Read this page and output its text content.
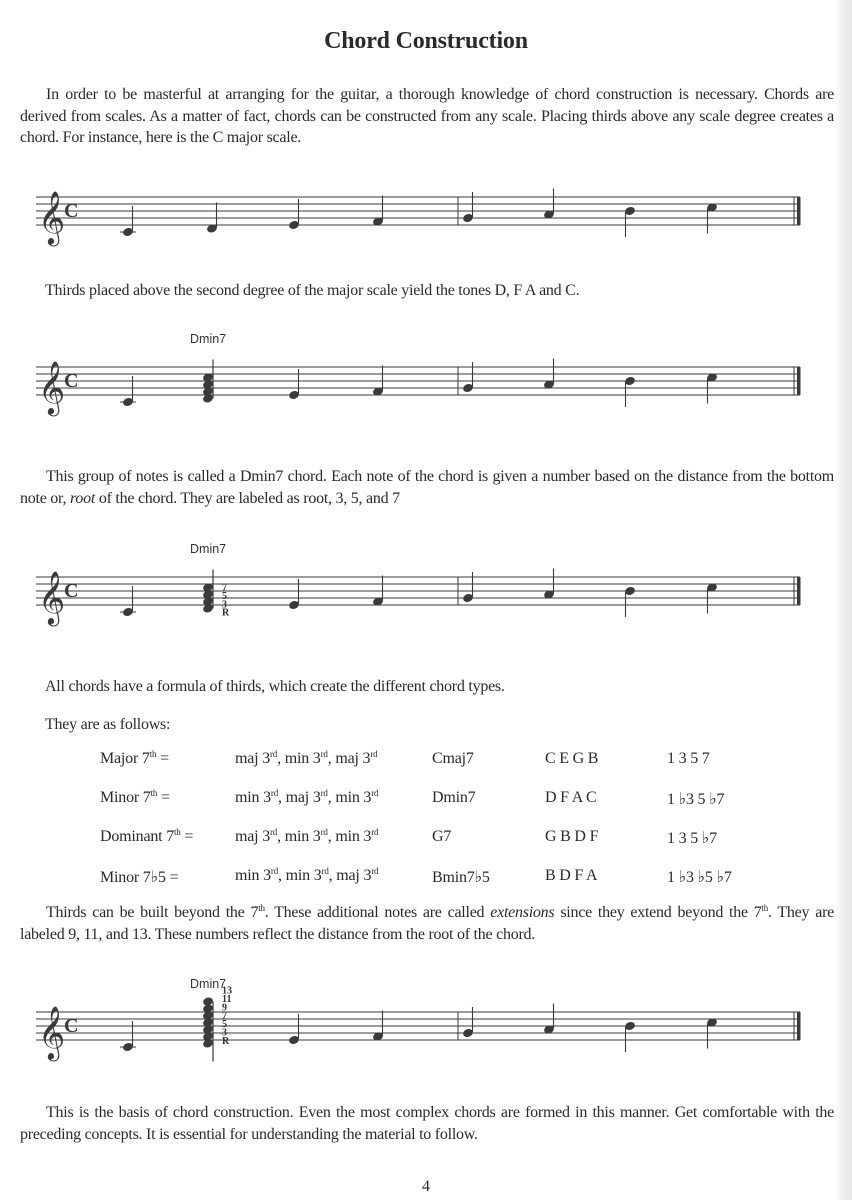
Chord Construction
In order to be masterful at arranging for the guitar, a thorough knowledge of chord construction is necessary. Chords are derived from scales. As a matter of fact, chords can be constructed from any scale. Placing thirds above any scale degree creates a chord. For instance, here is the C major scale.
𝄞
C
Thirds placed above the second degree of the major scale yield the tones D, F A and C.
𝄞
C
Dmin7
This group of notes is called a Dmin7 chord. Each note of the chord is given a number based on the distance from the bottom note or, root of the chord. They are labeled as root, 3, 5, and 7
𝄞
C
Dmin7
7
5
3
R
All chords have a formula of thirds, which create the different chord types.
They are as follows:
Major 7th =	maj 3rd, min 3rd, maj 3rd	Cmaj7	C E G B	1 3 5 7
Minor 7th =	min 3rd, maj 3rd, min 3rd	Dmin7	D F A C	1 ♭3 5 ♭7
Dominant 7th =	maj 3rd, min 3rd, min 3rd	G7	G B D F	1 3 5 ♭7
Minor 7♭5 =	min 3rd, min 3rd, maj 3rd	Bmin7♭5	B D F A	1 ♭3 ♭5 ♭7
Thirds can be built beyond the 7th. These additional notes are called extensions since they extend beyond the 7th. They are labeled 9, 11, and 13. These numbers reflect the distance from the root of the chord.
𝄞
C
Dmin7
13
11
9
7
5
3
R
This is the basis of chord construction. Even the most complex chords are formed in this manner. Get comfortable with the preceding concepts. It is essential for understanding the material to follow.
4
